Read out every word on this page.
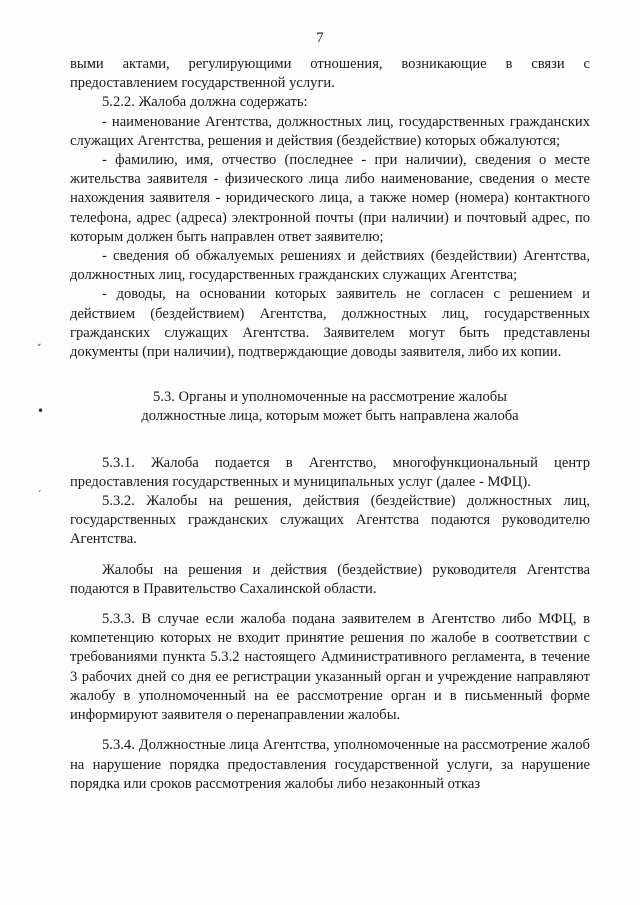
7
˅
•
ˏ

выми актами, регулирующими отношения, возникающие в связи с предоставлением государственной услуги.

5.2.2. Жалоба должна содержать:

- наименование Агентства, должностных лиц, государственных гражданских служащих Агентства, решения и действия (бездействие) которых обжалуются;

- фамилию, имя, отчество (последнее - при наличии), сведения о месте жительства заявителя - физического лица либо наименование, сведения о месте нахождения заявителя - юридического лица, а также номер (номера) контактного телефона, адрес (адреса) электронной почты (при наличии) и почтовый адрес, по которым должен быть направлен ответ заявителю;

- сведения об обжалуемых решениях и действиях (бездействии) Агентства, должностных лиц, государственных гражданских служащих Агентства;

- доводы, на основании которых заявитель не согласен с решением и действием (бездействием) Агентства, должностных лиц, государственных гражданских служащих Агентства. Заявителем могут быть представлены документы (при наличии), подтверждающие доводы заявителя, либо их копии.

5.3. Органы и уполномоченные на рассмотрение жалобы
должностные лица, которым может быть направлена жалоба

5.3.1. Жалоба подается в Агентство, многофункциональный центр предоставления государственных и муниципальных услуг (далее - МФЦ).

5.3.2. Жалобы на решения, действия (бездействие) должностных лиц, государственных гражданских служащих Агентства подаются руководителю Агентства.

Жалобы на решения и действия (бездействие) руководителя Агентства подаются в Правительство Сахалинской области.

5.3.3. В случае если жалоба подана заявителем в Агентство либо МФЦ, в компетенцию которых не входит принятие решения по жалобе в соответствии с требованиями пункта 5.3.2 настоящего Административного регламента, в течение 3 рабочих дней со дня ее регистрации указанный орган и учреждение направляют жалобу в уполномоченный на ее рассмотрение орган и в письменный форме информируют заявителя о перенаправлении жалобы.

5.3.4. Должностные лица Агентства, уполномоченные на рассмотрение жалоб на нарушение порядка предоставления государственной услуги, за нарушение порядка или сроков рассмотрения жалобы либо незаконный отказ
